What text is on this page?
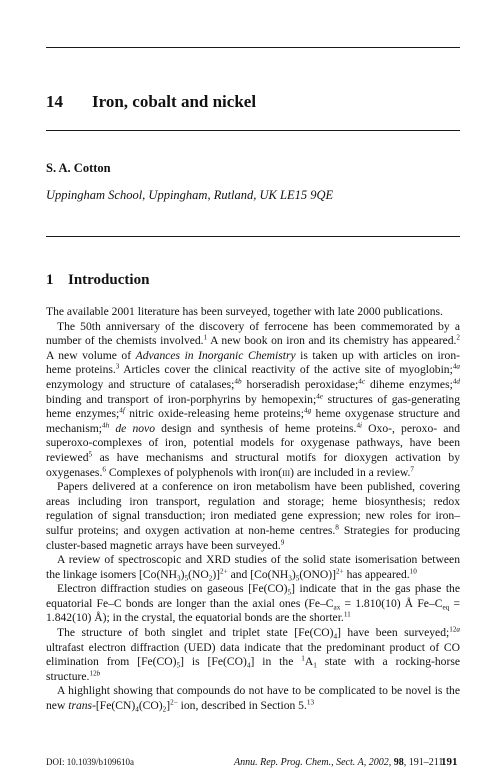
14 Iron, cobalt and nickel
S. A. Cotton
Uppingham School, Uppingham, Rutland, UK LE15 9QE
1 Introduction

The available 2001 literature has been surveyed, together with late 2000 publications.

The 50th anniversary of the discovery of ferrocene has been commemorated by a number of the chemists involved.$^1$ A new book on iron and its chemistry has appeared.$^2$ A new volume of Advances in Inorganic Chemistry is taken up with articles on iron-heme proteins.$^3$ Articles cover the clinical reactivity of the active site of myoglobin;$^{4a}$ enzymology and structure of catalases;$^{4b}$ horseradish peroxidase;$^{4c}$ diheme enzymes;$^{4d}$ binding and transport of iron-porphyrins by hemopexin;$^{4e}$ structures of gas-generating heme enzymes;$^{4f}$ nitric oxide-releasing heme proteins;$^{4g}$ heme oxygenase structure and mechanism;$^{4h}$ de novo design and synthesis of heme proteins.$^{4i}$ Oxo-, peroxo- and superoxo-complexes of iron, potential models for oxygenase pathways, have been reviewed$^5$ as have mechanisms and structural motifs for dioxygen activation by oxygenases.$^6$ Complexes of polyphenols with iron(iii) are included in a review.$^7$

Papers delivered at a conference on iron metabolism have been published, covering areas including iron transport, regulation and storage; heme biosynthesis; redox regulation of signal transduction; iron mediated gene expression; new roles for iron–sulfur proteins; and oxygen activation at non-heme centres.$^8$ Strategies for producing cluster-based magnetic arrays have been surveyed.$^9$

A review of spectroscopic and XRD studies of the solid state isomerisation between the linkage isomers $[Co(NH_3)_5(NO_2)]^{2+}$ and $[Co(NH_3)_5(ONO)]^{2+}$ has appeared.$^{10}$

Electron diffraction studies on gaseous $[Fe(CO)_5]$ indicate that in the gas phase the equatorial Fe–C bonds are longer than the axial ones ($Fe-C_{ax} = 1.810(10)$ Å $Fe-C_{eq} = 1.842(10)$ Å); in the crystal, the equatorial bonds are the shorter.$^{11}$

The structure of both singlet and triplet state $[Fe(CO)_4]$ have been surveyed;$^{12a}$ ultrafast electron diffraction (UED) data indicate that the predominant product of CO elimination from $[Fe(CO)_5]$ is $[Fe(CO)_4]$ in the $^1A_1$ state with a rocking-horse structure.$^{12b}$

A highlight showing that compounds do not have to be complicated to be novel is the new trans-$[Fe(CN)_4(CO)_2]^{2-}$ ion, described in Section 5.13

DOI: 10.1039/b109610a	Annu. Rep. Prog. Chem., Sect. A, 2002, 98, 191–211
191
